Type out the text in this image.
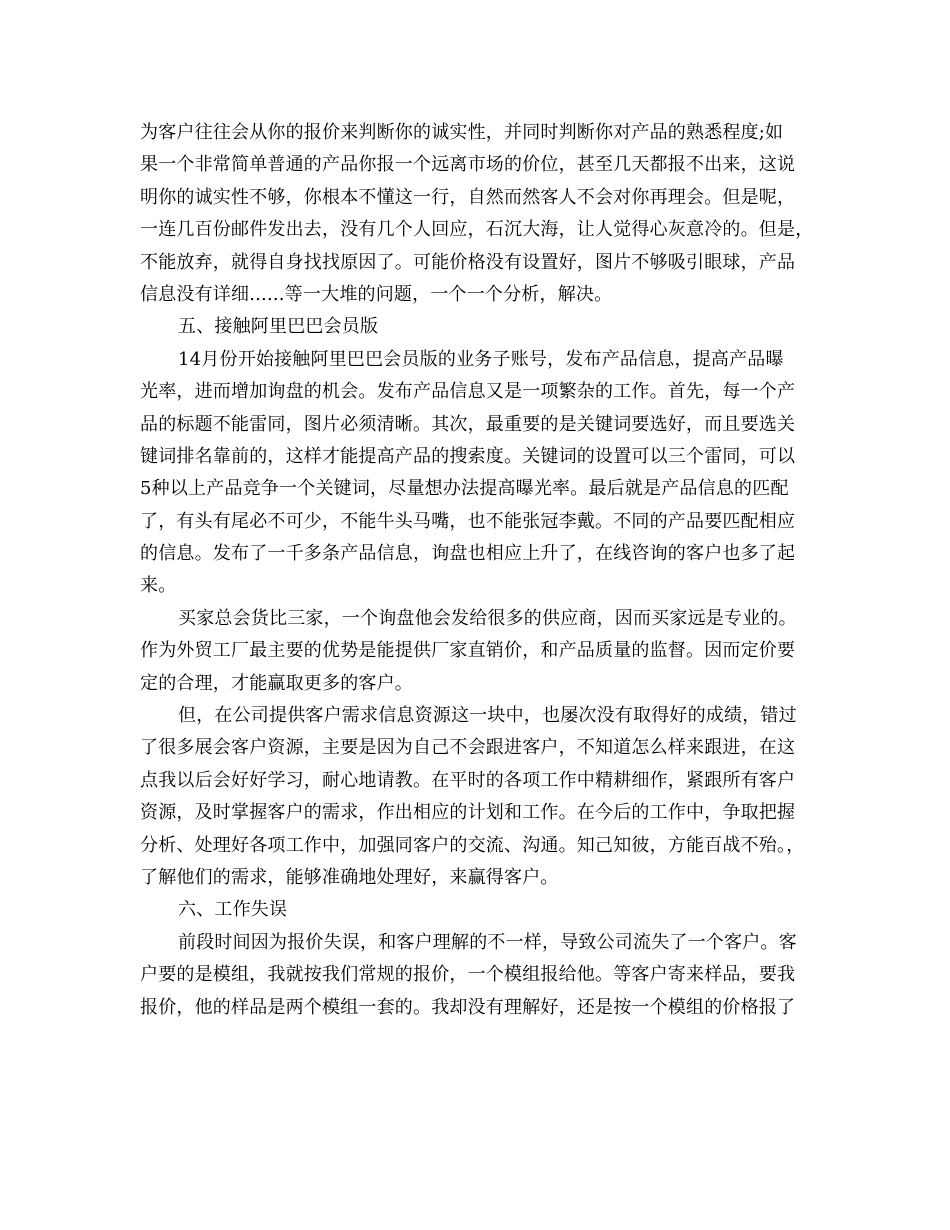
为客户往往会从你的报价来判断你的诚实性，并同时判断你对产品的熟悉程度;如
果一个非常简单普通的产品你报一个远离市场的价位，甚至几天都报不出来，这说
明你的诚实性不够，你根本不懂这一行，自然而然客人不会对你再理会。但是呢，
一连几百份邮件发出去，没有几个人回应，石沉大海，让人觉得心灰意冷的。但是，
不能放弃，就得自身找找原因了。可能价格没有设置好，图片不够吸引眼球，产品
信息没有详细......等一大堆的问题，一个一个分析，解决。
五、接触阿里巴巴会员版
14月份开始接触阿里巴巴会员版的业务子账号，发布产品信息，提高产品曝
光率，进而增加询盘的机会。发布产品信息又是一项繁杂的工作。首先，每一个产
品的标题不能雷同，图片必须清晰。其次，最重要的是关键词要选好，而且要选关
键词排名靠前的，这样才能提高产品的搜索度。关键词的设置可以三个雷同，可以
5种以上产品竞争一个关键词，尽量想办法提高曝光率。最后就是产品信息的匹配
了，有头有尾必不可少，不能牛头马嘴，也不能张冠李戴。不同的产品要匹配相应
的信息。发布了一千多条产品信息，询盘也相应上升了，在线咨询的客户也多了起
来。
买家总会货比三家，一个询盘他会发给很多的供应商，因而买家远是专业的。
作为外贸工厂最主要的优势是能提供厂家直销价，和产品质量的监督。因而定价要
定的合理，才能赢取更多的客户。
但，在公司提供客户需求信息资源这一块中，也屡次没有取得好的成绩，错过
了很多展会客户资源，主要是因为自己不会跟进客户，不知道怎么样来跟进，在这
点我以后会好好学习，耐心地请教。在平时的各项工作中精耕细作，紧跟所有客户
资源，及时掌握客户的需求，作出相应的计划和工作。在今后的工作中，争取把握
分析、处理好各项工作中，加强同客户的交流、沟通。知己知彼，方能百战不殆。，
了解他们的需求，能够准确地处理好，来赢得客户。
六、工作失误
前段时间因为报价失误，和客户理解的不一样，导致公司流失了一个客户。客
户要的是模组，我就按我们常规的报价，一个模组报给他。等客户寄来样品，要我
报价，他的样品是两个模组一套的。我却没有理解好，还是按一个模组的价格报了
